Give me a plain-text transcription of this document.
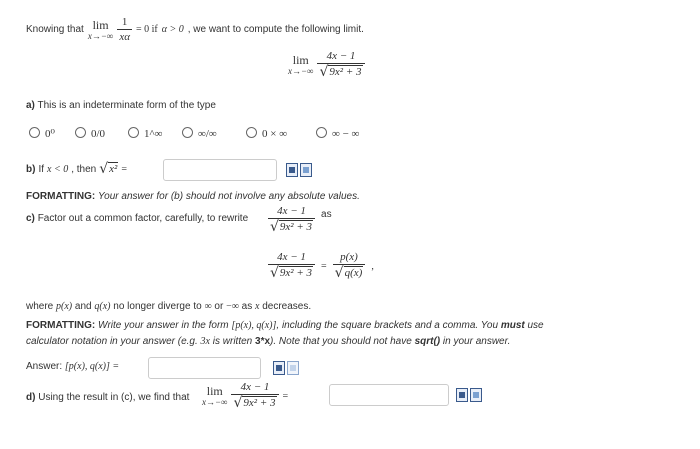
Knowing that lim
$x\to-\infty \frac{1}{x\alpha} = 0$ if α > 0 , we want to compute the following limit.
lim
$x\to-\infty \frac{4x - 1}{\text{√ 9x² + 3}}$
a) This is an indeterminate form of the type
0⁰	0/0	1^∞	∞/∞	0 × ∞	∞ − ∞
b) If x < 0 , then √ x² =
FORMATTING: Your answer for (b) should not involve any absolute values.
c) Factor out a common factor, carefully, to rewrite $\frac{4x - 1}{\text{√ 9x² + 3}}$ as
$\frac{4x - 1}{\text{√ 9x² + 3}} = \frac{p(x)}{√ q(x)}$ ,
where p(x) and q(x) no longer diverge to ∞ or −∞ as x decreases.
FORMATTING: Write your answer in the form [p(x), q(x)], including the square brackets and a comma. You must use
calculator notation in your answer (e.g. 3x is written 3*x). Note that you should not have sqrt() in your answer.
Answer: [p(x), q(x)] =
d) Using the result in (c), we find that lim
$x\to-\infty \frac{4x - 1}{\text{√ 9x² + 3}}$ =
